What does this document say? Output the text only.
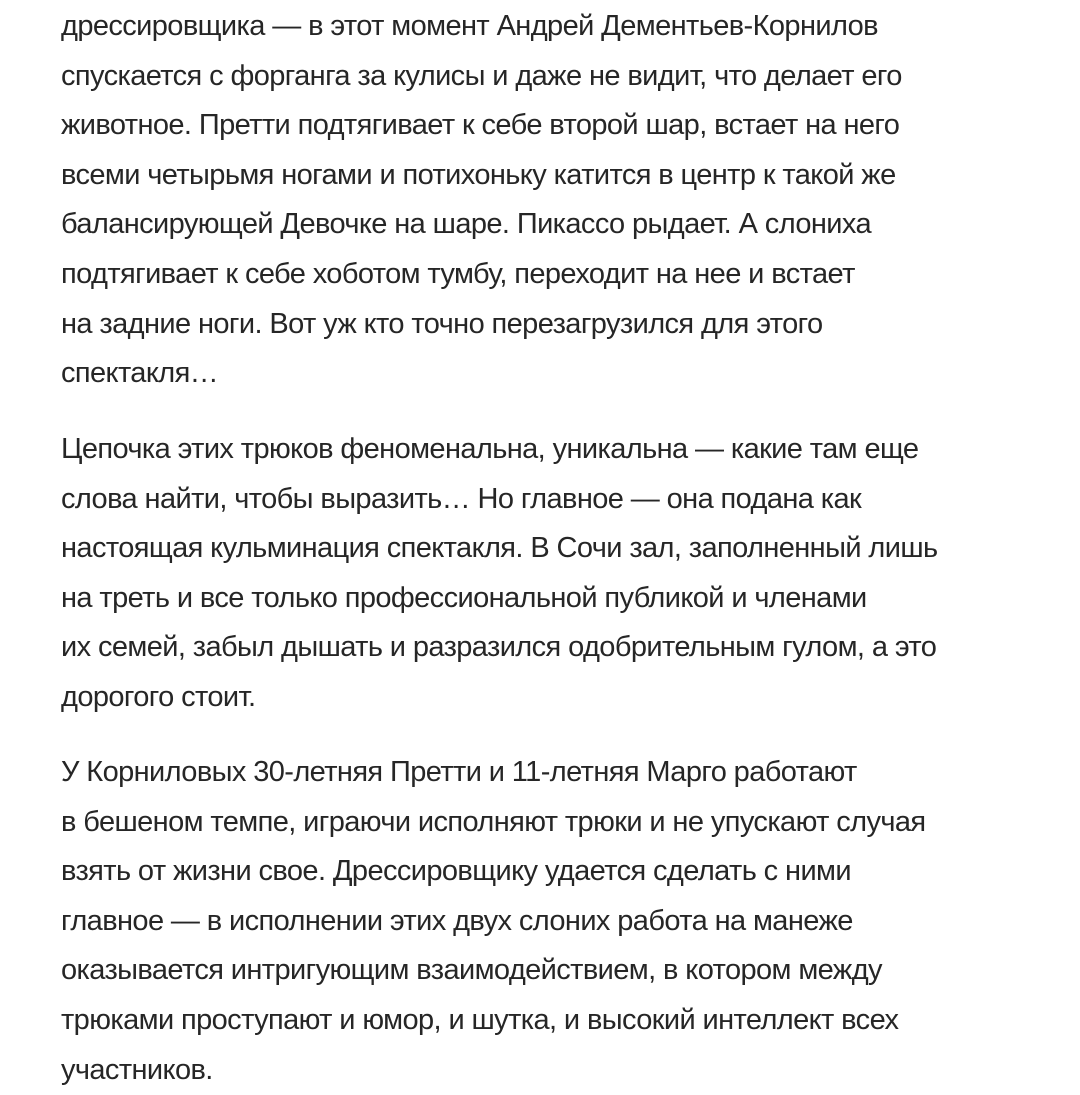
дрессировщика — в этот момент Андрей Дементьев-Корнилов
спускается с форганга за кулисы и даже не видит, что делает его
животное. Претти подтягивает к себе второй шар, встает на него
всеми четырьмя ногами и потихоньку катится в центр к такой же
балансирующей Девочке на шаре. Пикассо рыдает. А слониха
подтягивает к себе хоботом тумбу, переходит на нее и встает
на задние ноги. Вот уж кто точно перезагрузился для этого
спектакля…
Цепочка этих трюков феноменальна, уникальна — какие там еще
слова найти, чтобы выразить… Но главное — она подана как
настоящая кульминация спектакля. В Сочи зал, заполненный лишь
на треть и все только профессиональной публикой и членами
их семей, забыл дышать и разразился одобрительным гулом, а это
дорогого стоит.
У Корниловых 30-летняя Претти и 11-летняя Марго работают
в бешеном темпе, играючи исполняют трюки и не упускают случая
взять от жизни свое. Дрессировщику удается сделать с ними
главное — в исполнении этих двух слоних работа на манеже
оказывается интригующим взаимодействием, в котором между
трюками проступают и юмор, и шутка, и высокий интеллект всех
участников.
